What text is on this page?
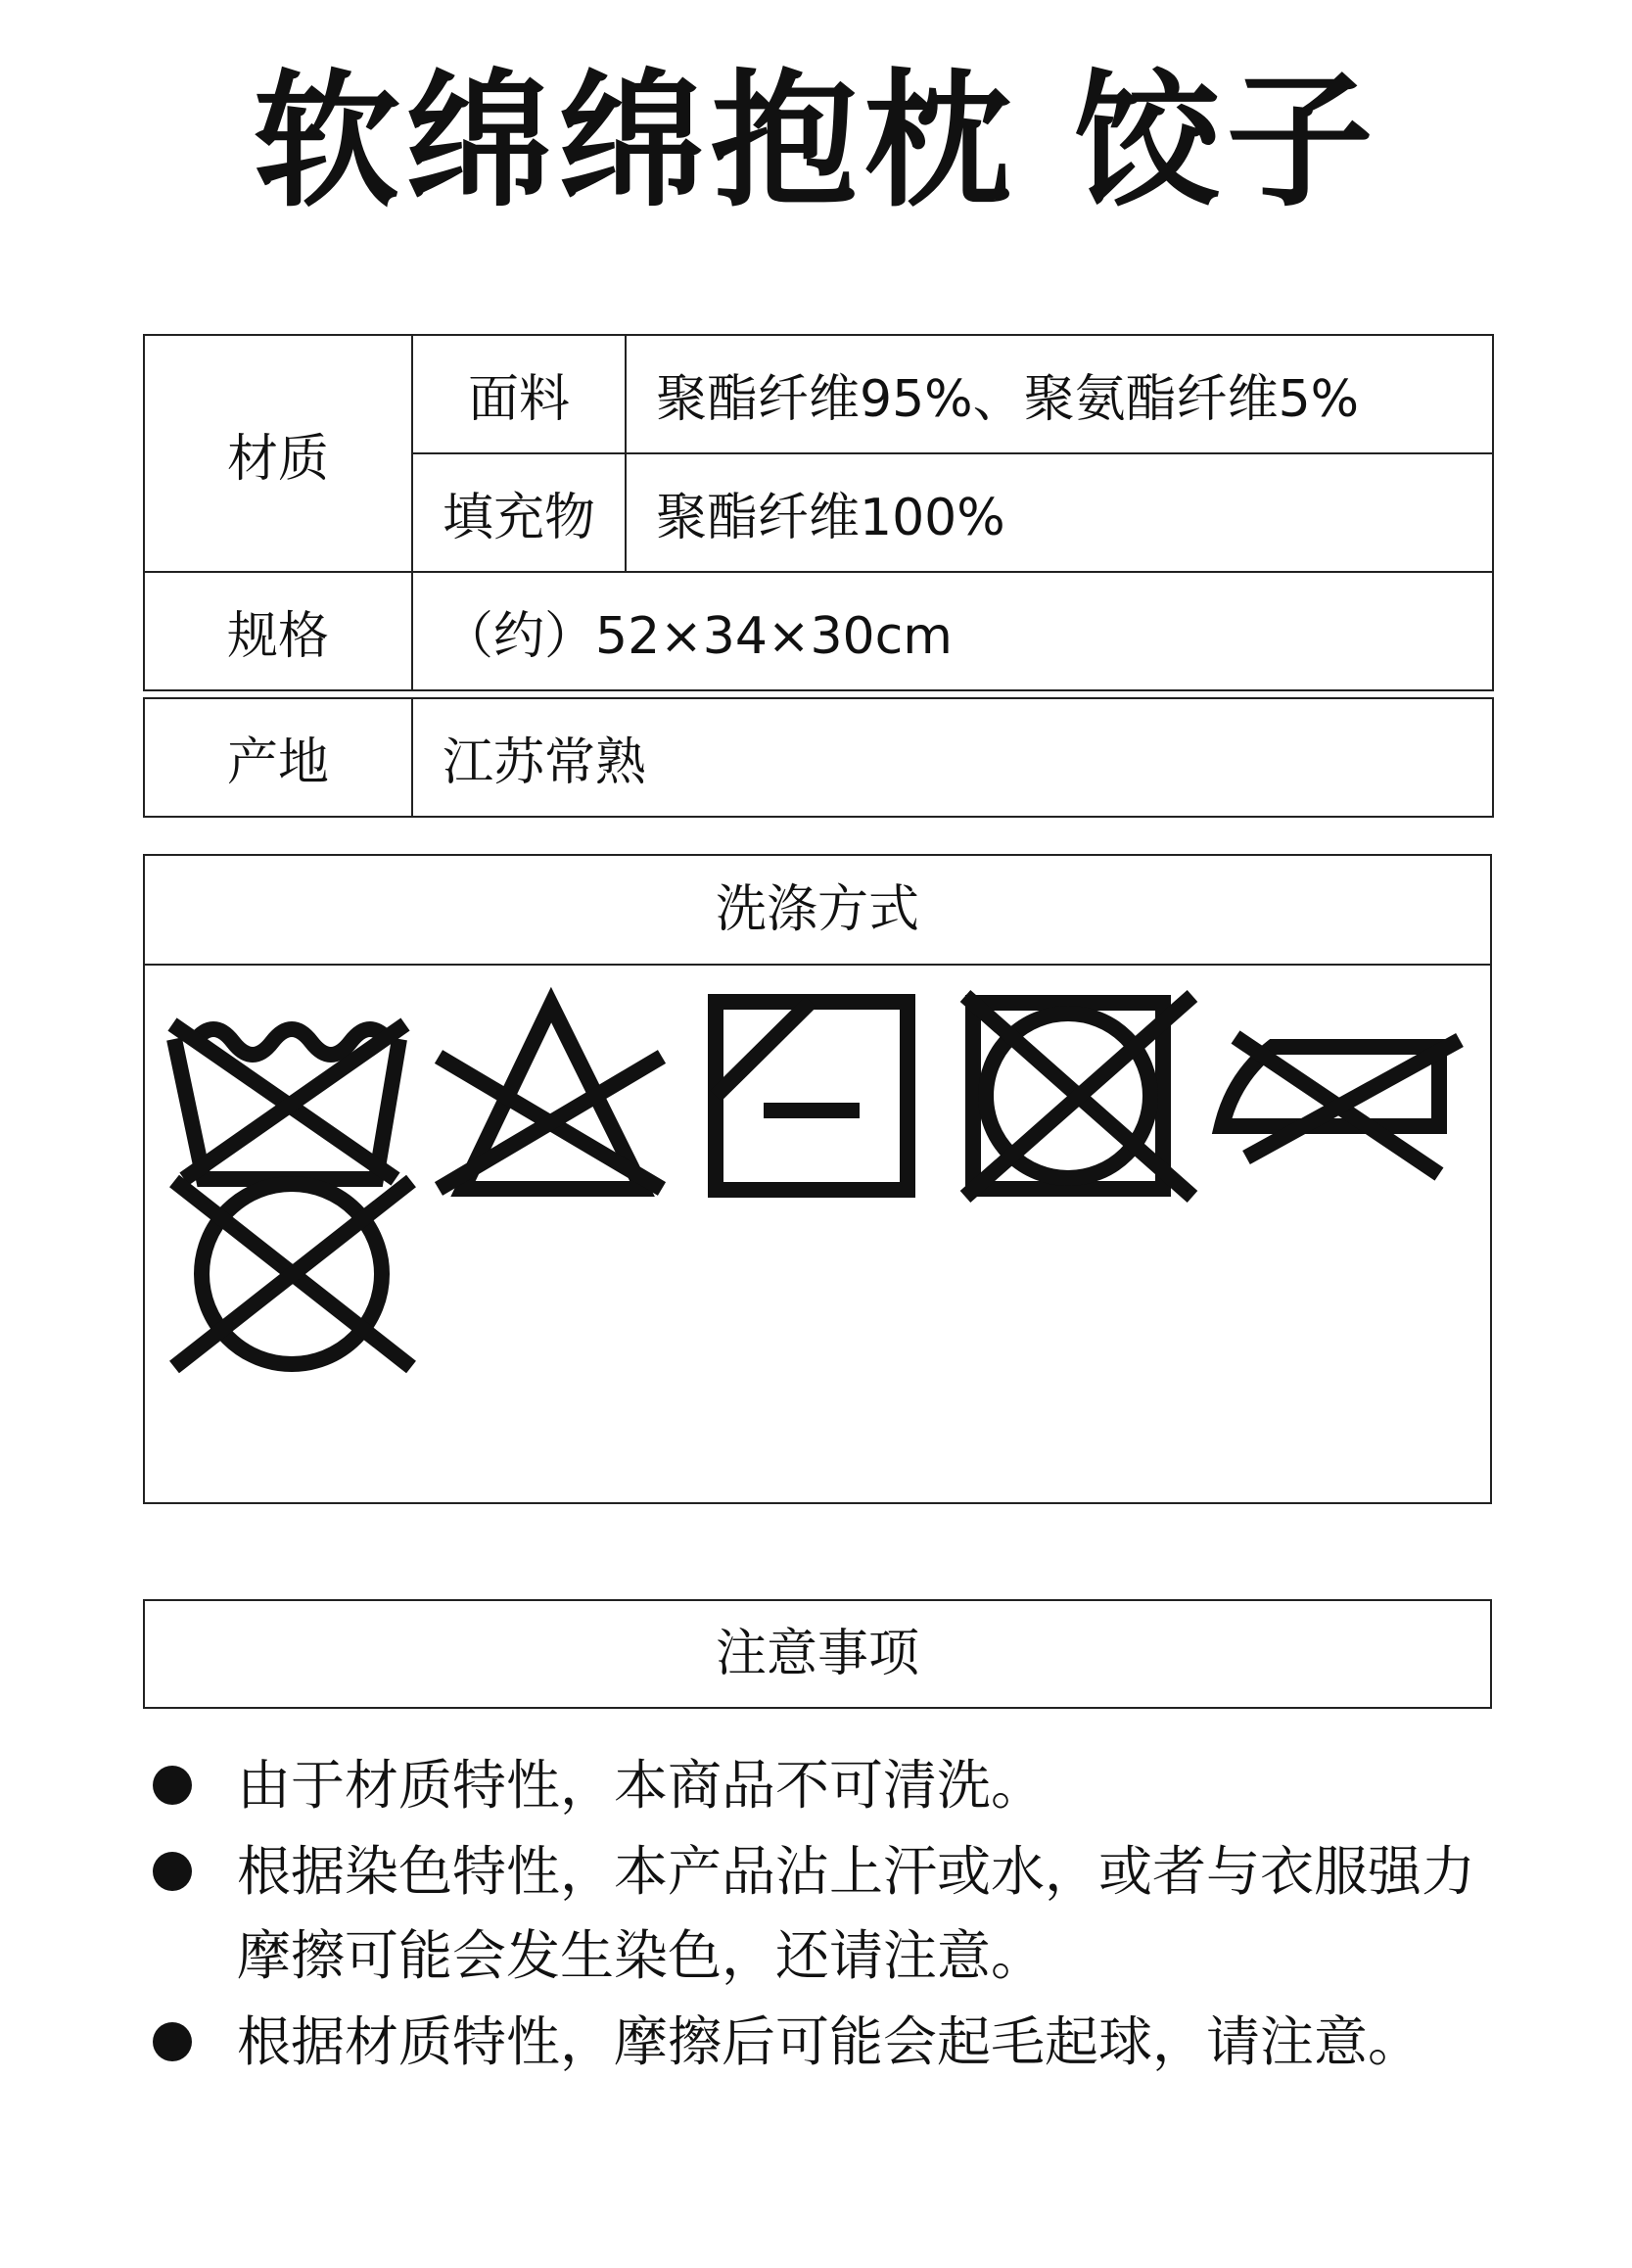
软绵绵抱枕 饺子
材质	面料	聚酯纤维95%、聚氨酯纤维5%
	填充物	聚酯纤维100%
规格	（约）52×34×30cm	

产地	江苏常熟	
洗涤方式
注意事项
由于材质特性，本商品不可清洗。
根据染色特性，本产品沾上汗或水，或者与衣服强力摩擦可能会发生染色，还请注意。
根据材质特性，摩擦后可能会起毛起球，请注意。
